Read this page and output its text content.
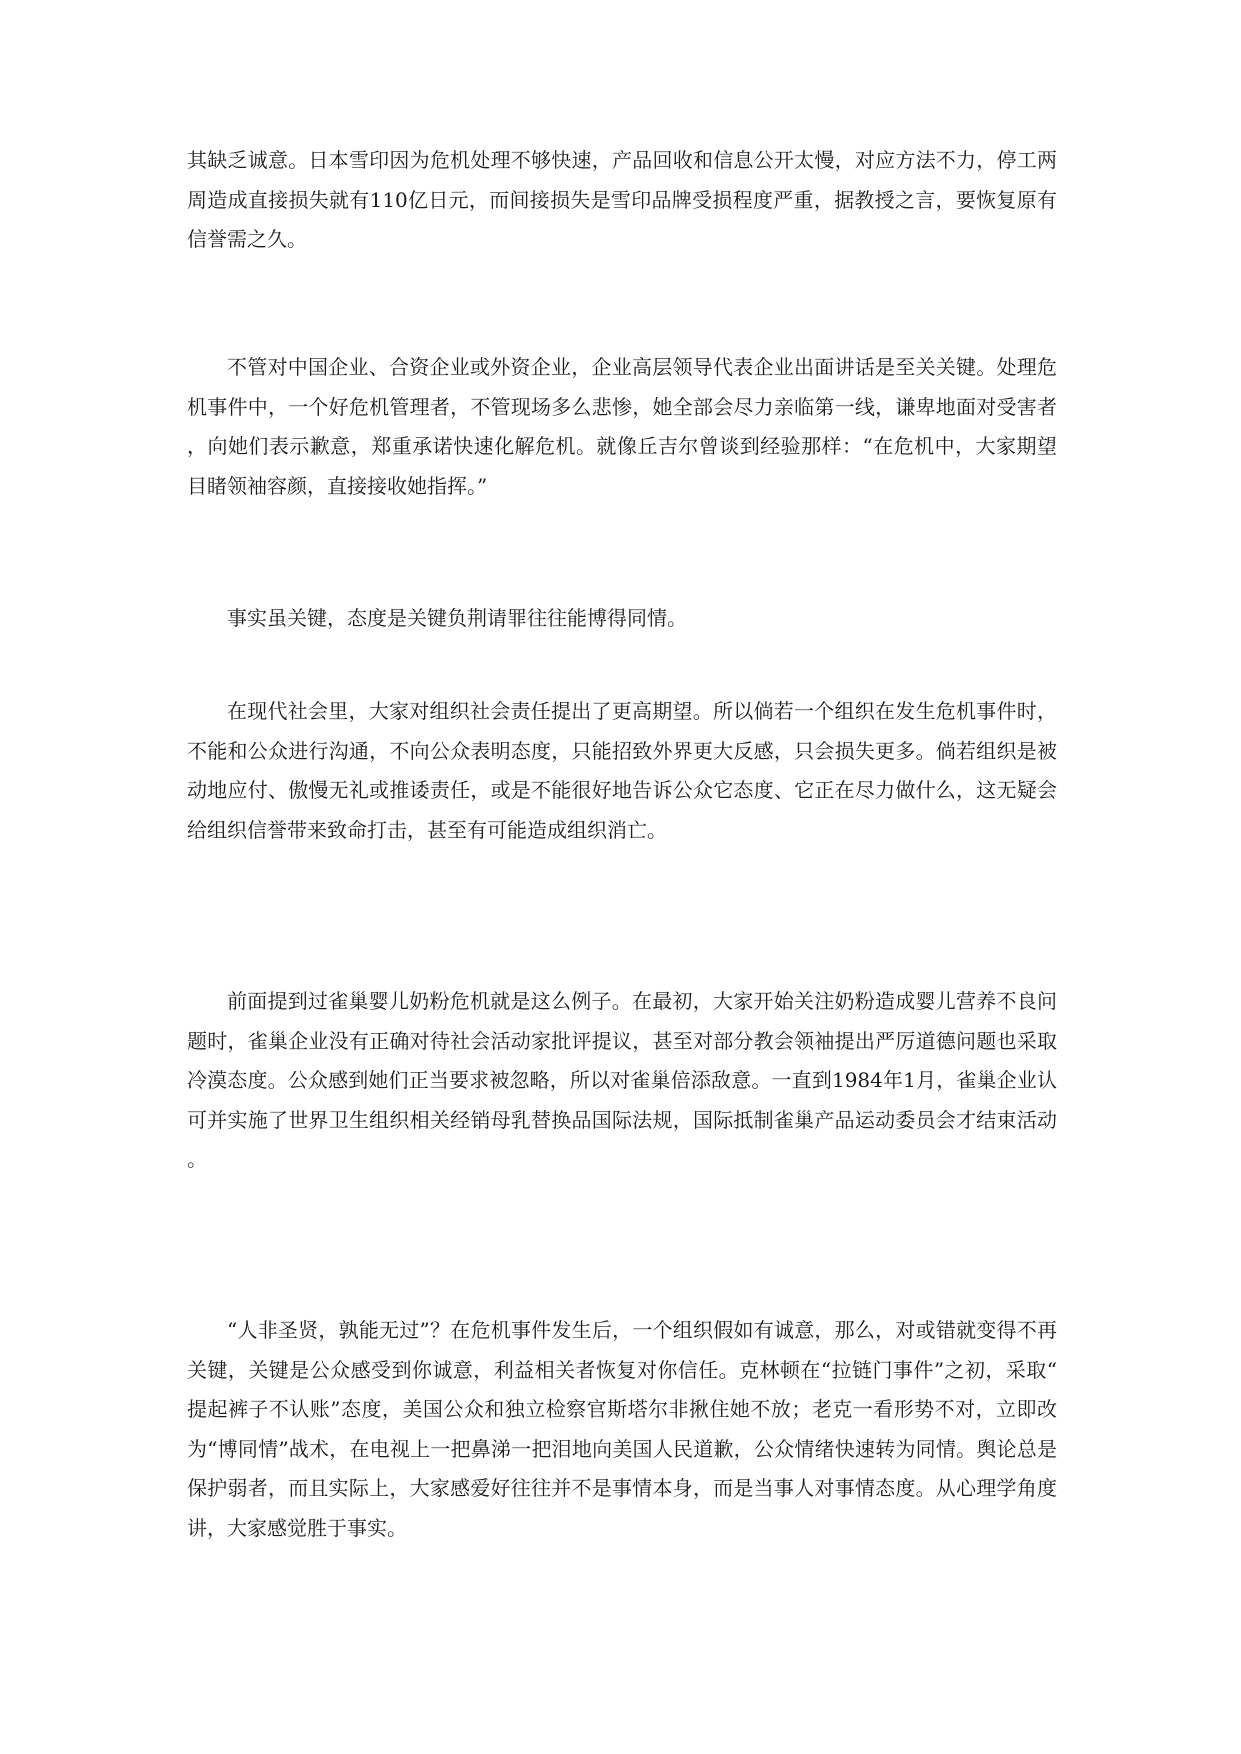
其缺乏诚意。日本雪印因为危机处理不够快速，产品回收和信息公开太慢，对应方法不力，停工两周造成直接损失就有110亿日元，而间接损失是雪印品牌受损程度严重，据教授之言，要恢复原有信誉需之久。

不管对中国企业、合资企业或外资企业，企业高层领导代表企业出面讲话是至关关键。处理危机事件中，一个好危机管理者，不管现场多么悲惨，她全部会尽力亲临第一线，谦卑地面对受害者，向她们表示歉意，郑重承诺快速化解危机。就像丘吉尔曾谈到经验那样：“在危机中，大家期望目睹领袖容颜，直接接收她指挥。”

事实虽关键，态度是关键负荆请罪往往能博得同情。

在现代社会里，大家对组织社会责任提出了更高期望。所以倘若一个组织在发生危机事件时，不能和公众进行沟通，不向公众表明态度，只能招致外界更大反感，只会损失更多。倘若组织是被动地应付、傲慢无礼或推诿责任，或是不能很好地告诉公众它态度、它正在尽力做什么，这无疑会给组织信誉带来致命打击，甚至有可能造成组织消亡。

前面提到过雀巢婴儿奶粉危机就是这么例子。在最初，大家开始关注奶粉造成婴儿营养不良问题时，雀巢企业没有正确对待社会活动家批评提议，甚至对部分教会领袖提出严厉道德问题也采取冷漠态度。公众感到她们正当要求被忽略，所以对雀巢倍添敌意。一直到1984年1月，雀巢企业认可并实施了世界卫生组织相关经销母乳替换品国际法规，国际抵制雀巢产品运动委员会才结束活动。

“人非圣贤，孰能无过”？在危机事件发生后，一个组织假如有诚意，那么，对或错就变得不再关键，关键是公众感受到你诚意，利益相关者恢复对你信任。克林顿在“拉链门事件”之初，采取“提起裤子不认账”态度，美国公众和独立检察官斯塔尔非揪住她不放；老克一看形势不对，立即改为“博同情”战术，在电视上一把鼻涕一把泪地向美国人民道歉，公众情绪快速转为同情。舆论总是保护弱者，而且实际上，大家感爱好往往并不是事情本身，而是当事人对事情态度。从心理学角度讲，大家感觉胜于事实。
